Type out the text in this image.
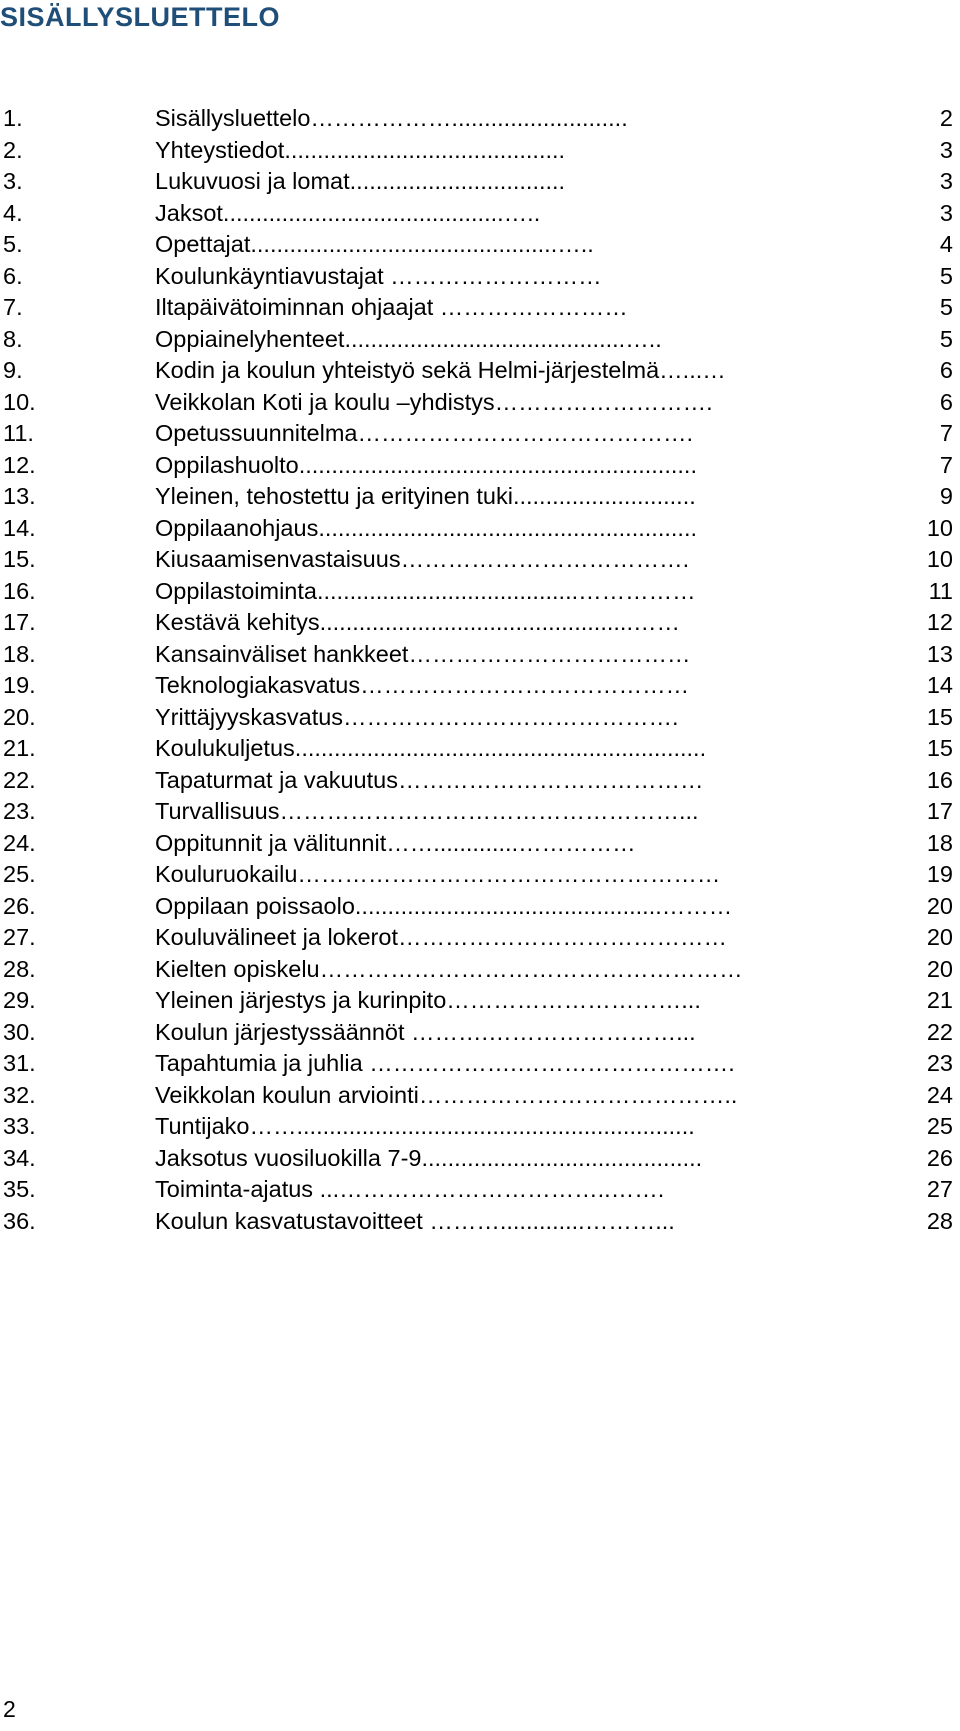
SISÄLLYSLUETTELO
1.	Sisällysluettelo………………...........................	2
2.	Yhteystiedot...........................................	3
3.	Lukuvuosi ja lomat.................................	3
4.	Jaksot...........................................…..	3
5.	Opettajat...............................................…..	4
6.	Koulunkäyntiavustajat ………………………	5
7.	Iltapäivätoiminnan ohjaajat ……………………	5
8.	Oppiainelyhenteet...........................................…..	5
9.	Kodin ja koulun yhteistyö sekä Helmi-järjestelmä…...…	6
10.	Veikkolan Koti ja koulu –yhdistys……………………….	6
11.	Opetussuunnitelma…………………………………….	7
12.	Oppilashuolto.............................................................	7
13.	Yleinen, tehostettu ja erityinen tuki............................	9
14.	Oppilaanohjaus..........................................................	10
15.	Kiusaamisenvastaisuus……………………………….	10
16.	Oppilastoiminta........................................……………	11
17.	Kestävä kehitys................................................……	12
18.	Kansainväliset hankkeet………………………………	13
19.	Teknologiakasvatus……………………………………	14
20.	Yrittäjyyskasvatus…………………………………….	15
21.	Koulukuljetus...............................................................	15
22.	Tapaturmat ja vakuutus…………………………………	16
23.	Turvallisuus……………………………………………...	17
24.	Oppitunnit ja välitunnit…….............……………	18
25.	Kouluruokailu………………………………………………	19
26.	Oppilaan poissaolo...............................................………	20
27.	Kouluvälineet ja lokerot……………………………………	20
28.	Kielten opiskelu………………………………………………	20
29.	Yleinen järjestys ja kurinpito…………………………...	21
30.	Koulun järjestyssäännöt ……….……………………...	22
31.	Tapahtumia ja juhlia ……………….……………………….	23
32.	Veikkolan koulun arviointi…………………………………..	24
33.	Tuntijako…….............................................................	25
34.	Jaksotus vuosiluokilla 7-9...........................................	26
35.	Toiminta-ajatus ...……………………………..…….	27
36.	Koulun kasvatustavoitteet ……….............………...	28
2
